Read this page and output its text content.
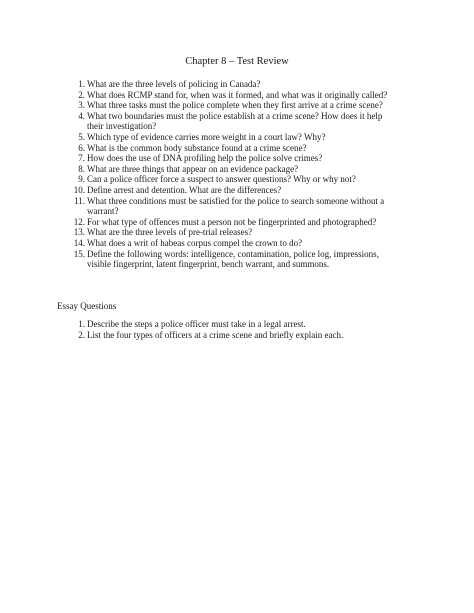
Chapter 8 – Test Review
1. What are the three levels of policing in Canada?
2. What does RCMP stand for, when was it formed, and what was it originally called?
3. What three tasks must the police complete when they first arrive at a crime scene?
4. What two boundaries must the police establish at a crime scene? How does it help their investigation?
5. Which type of evidence carries more weight in a court law? Why?
6. What is the common body substance found at a crime scene?
7. How does the use of DNA profiling help the police solve crimes?
8. What are three things that appear on an evidence package?
9. Can a police officer force a suspect to answer questions? Why or why not?
10. Define arrest and detention. What are the differences?
11. What three conditions must be satisfied for the police to search someone without a warrant?
12. For what type of offences must a person not be fingerprinted and photographed?
13. What are the three levels of pre-trial releases?
14. What does a writ of habeas corpus compel the crown to do?
15. Define the following words: intelligence, contamination, police log, impressions, visible fingerprint, latent fingerprint, bench warrant, and summons.
Essay Questions
1. Describe the steps a police officer must take in a legal arrest.
2. List the four types of officers at a crime scene and briefly explain each.
